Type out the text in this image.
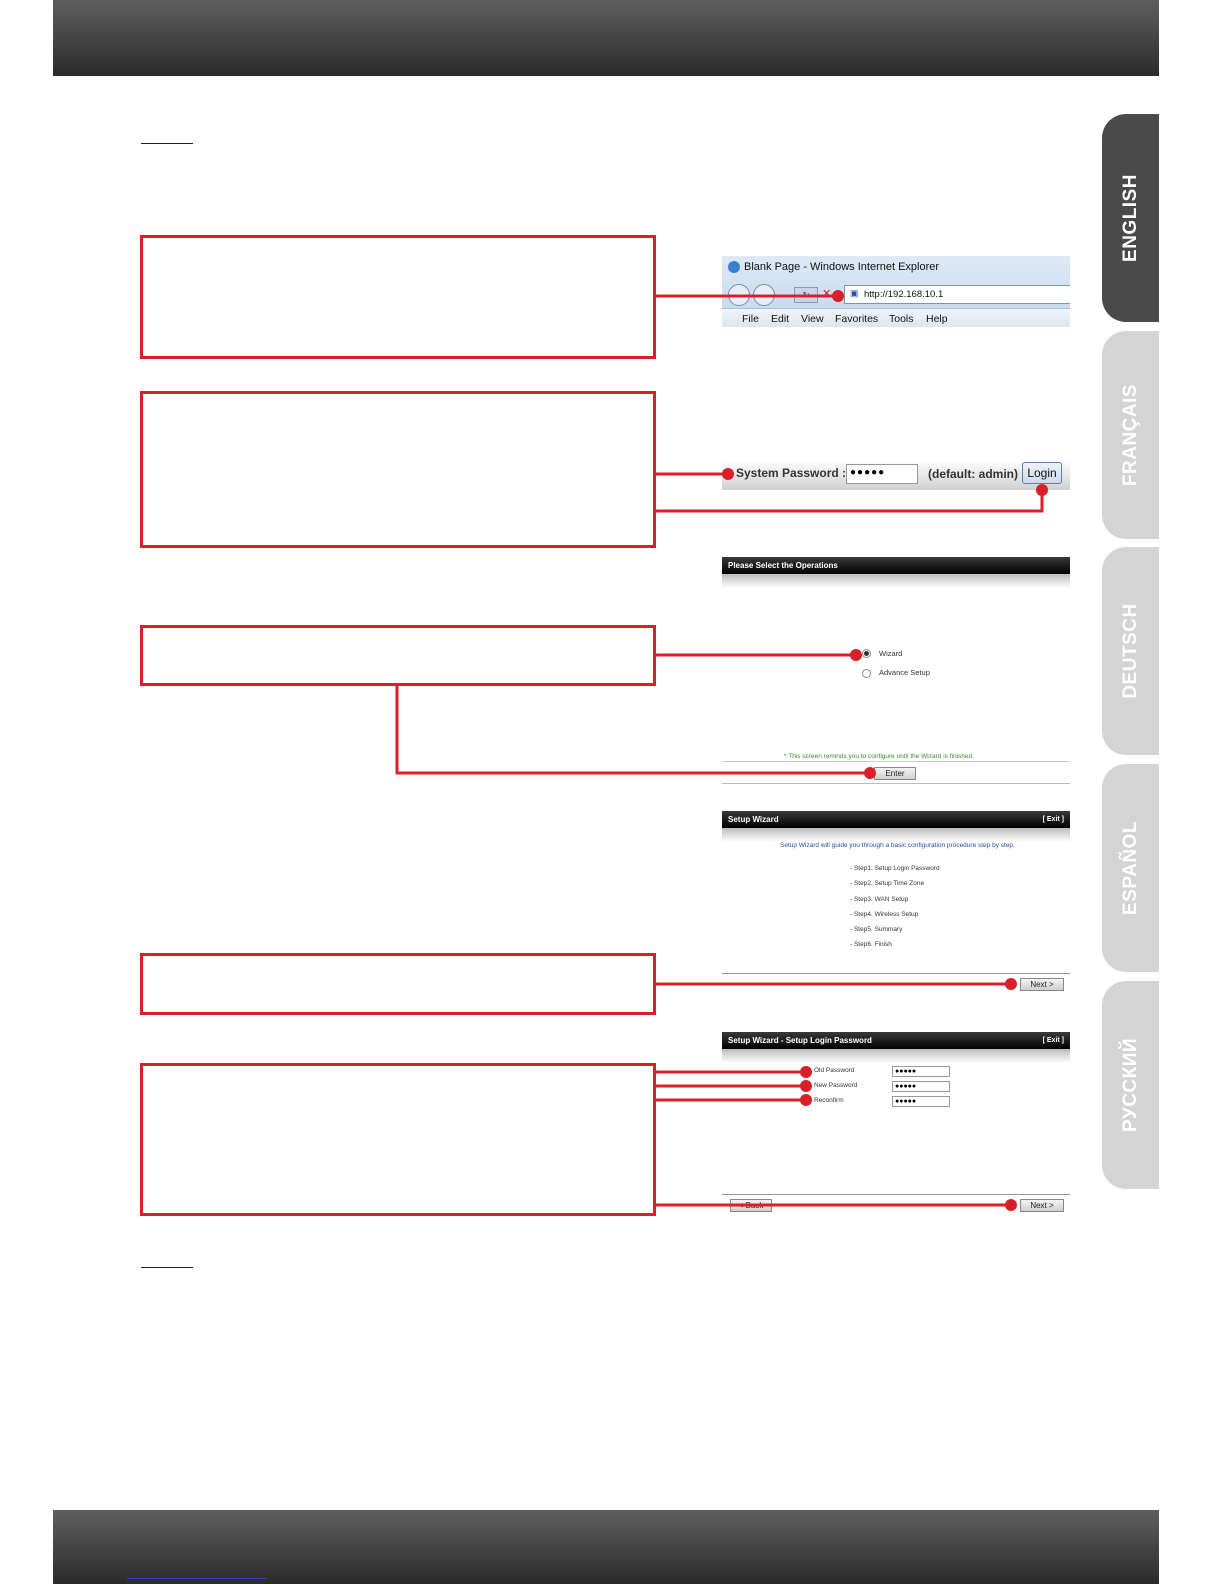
ENGLISH
FRANÇAIS
DEUTSCH
ESPAÑOL
РУССКИЙ
Blank Page - Windows Internet Explorer
↻	✕ ▣ http://192.168.10.1
File Edit View Favorites Tools Help
System Password : ●●●●●	(default: admin) Login
Please Select the Operations
Wizard
Advance Setup
* This screen reminds you to configure until the Wizard is finished.
Enter
Setup Wizard	[ Exit ]
Setup Wizard will guide you through a basic configuration procedure step by step.
- Step1. Setup Login Password
- Step2. Setup Time Zone
- Step3. WAN Setup
- Step4. Wireless Setup
- Step5. Summary
- Step6. Finish
Next >
Setup Wizard - Setup Login Password	[ Exit ]
Old Password	●●●●●
New Password	●●●●●
Reconfirm	●●●●●
< Back	Next >
